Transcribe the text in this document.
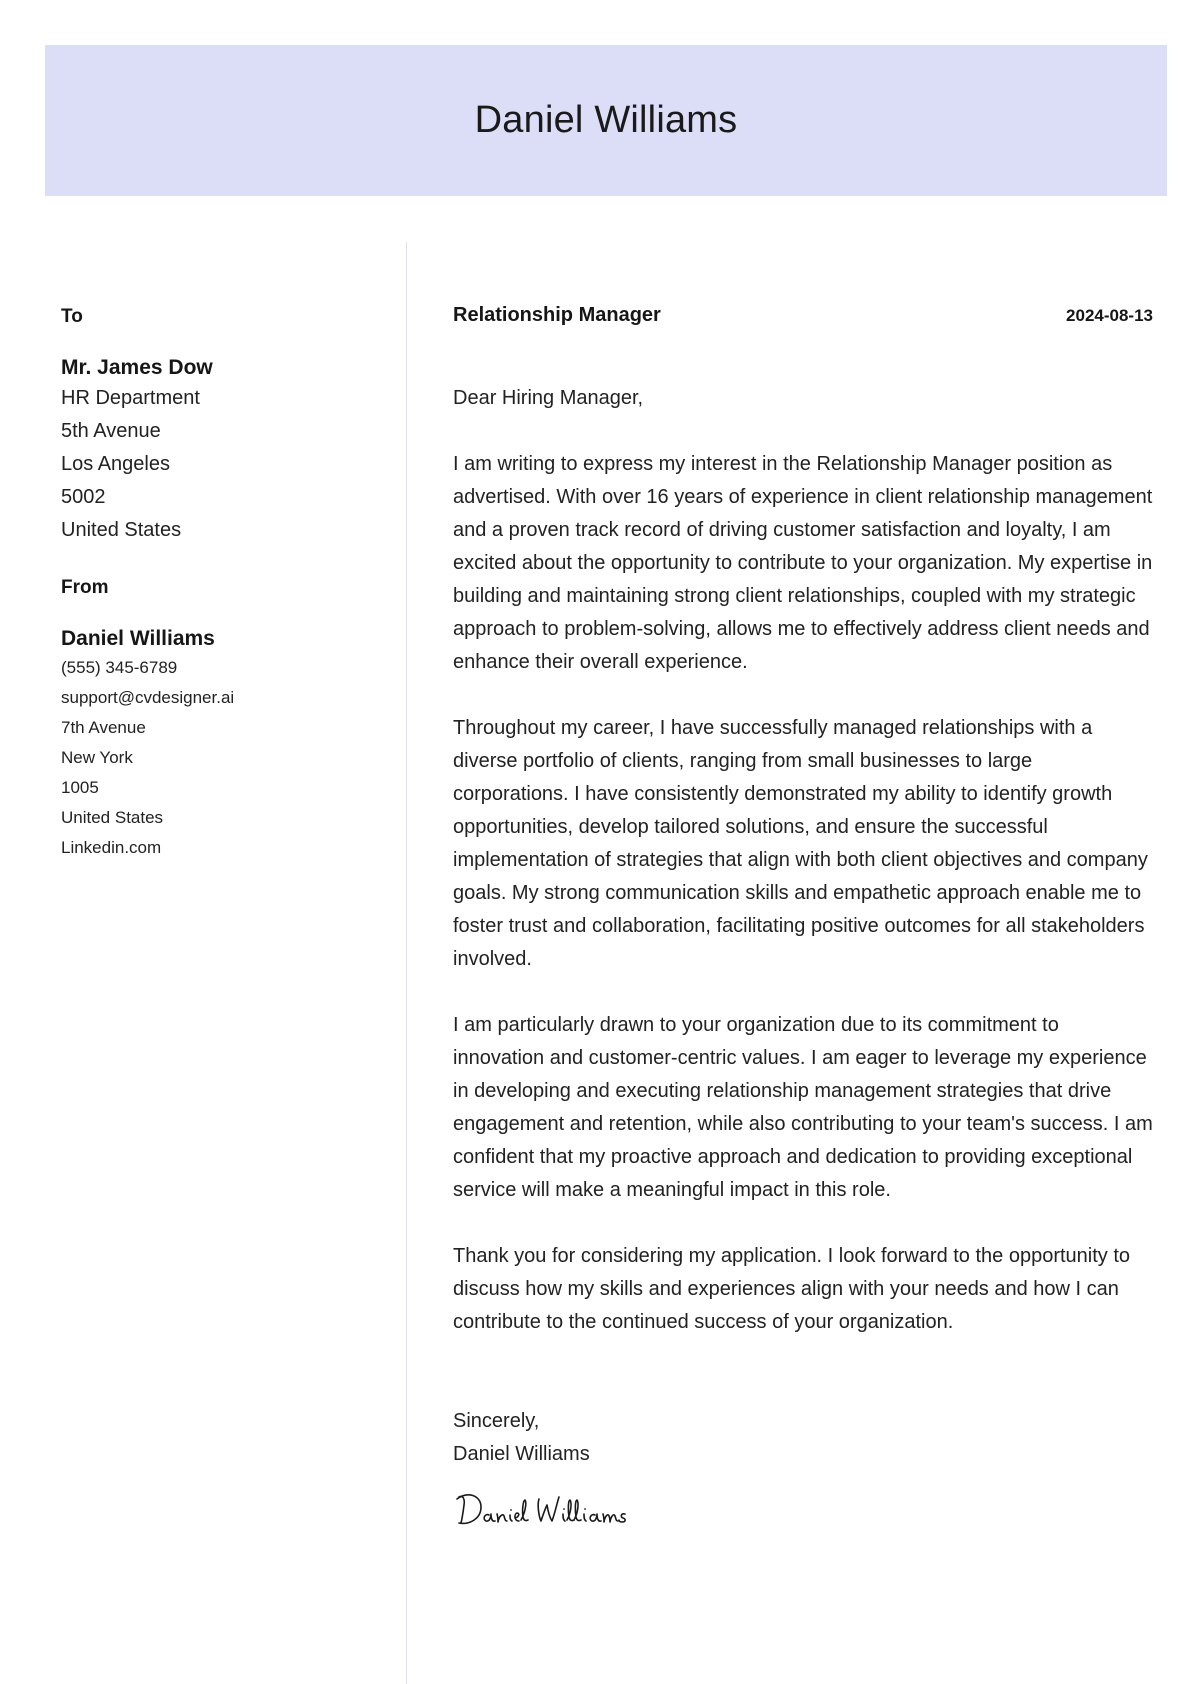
Daniel Williams
To
Mr. James Dow
HR Department
5th Avenue
Los Angeles
5002
United States
From
Daniel Williams
(555) 345-6789
support@cvdesigner.ai
7th Avenue
New York
1005
United States
Linkedin.com
Relationship Manager	2024-08-13
Dear Hiring Manager,

I am writing to express my interest in the Relationship Manager position as advertised. With over 16 years of experience in client relationship management and a proven track record of driving customer satisfaction and loyalty, I am excited about the opportunity to contribute to your organization. My expertise in building and maintaining strong client relationships, coupled with my strategic approach to problem-solving, allows me to effectively address client needs and enhance their overall experience.

Throughout my career, I have successfully managed relationships with a diverse portfolio of clients, ranging from small businesses to large corporations. I have consistently demonstrated my ability to identify growth opportunities, develop tailored solutions, and ensure the successful implementation of strategies that align with both client objectives and company goals. My strong communication skills and empathetic approach enable me to foster trust and collaboration, facilitating positive outcomes for all stakeholders involved.

I am particularly drawn to your organization due to its commitment to innovation and customer-centric values. I am eager to leverage my experience in developing and executing relationship management strategies that drive engagement and retention, while also contributing to your team's success. I am confident that my proactive approach and dedication to providing exceptional service will make a meaningful impact in this role.

Thank you for considering my application. I look forward to the opportunity to discuss how my skills and experiences align with your needs and how I can contribute to the continued success of your organization.

Sincerely,
Daniel Williams
